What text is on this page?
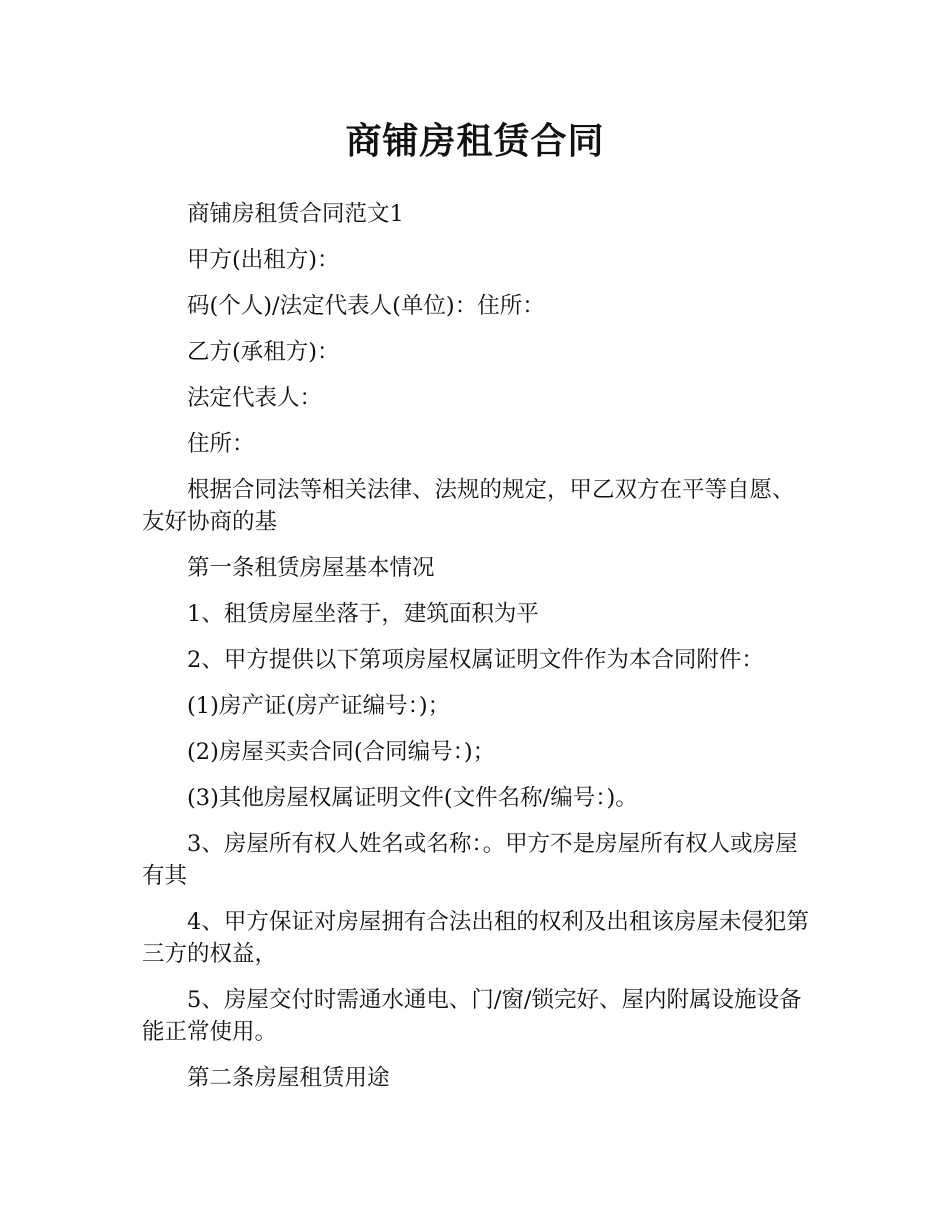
商铺房租赁合同

商铺房租赁合同范文1

甲方(出租方)：

码(个人)/法定代表人(单位)：住所：

乙方(承租方)：

法定代表人：

住所：

根据合同法等相关法律、法规的规定，甲乙双方在平等自愿、友好协商的基

第一条租赁房屋基本情况

1、租赁房屋坐落于，建筑面积为平

2、甲方提供以下第项房屋权属证明文件作为本合同附件：

(1)房产证(房产证编号：)；

(2)房屋买卖合同(合同编号：)；

(3)其他房屋权属证明文件(文件名称/编号：)。

3、房屋所有权人姓名或名称：。甲方不是房屋所有权人或房屋有其

4、甲方保证对房屋拥有合法出租的权利及出租该房屋未侵犯第三方的权益，

5、房屋交付时需通水通电、门/窗/锁完好、屋内附属设施设备能正常使用。

第二条房屋租赁用途
